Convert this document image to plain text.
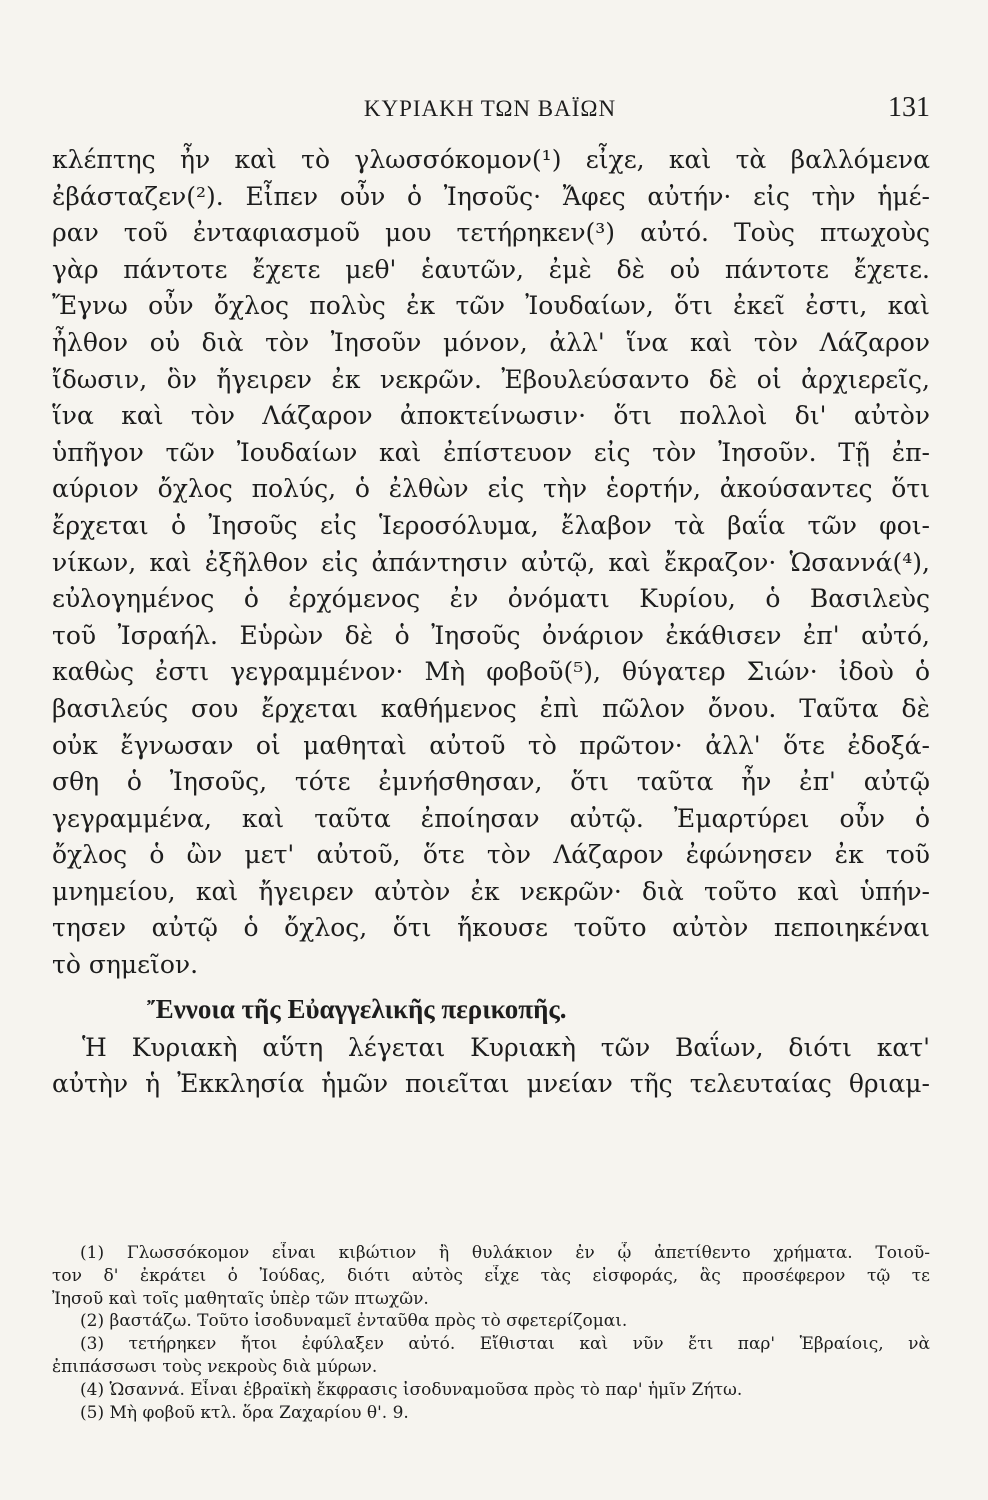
ΚΥΡΙΑΚΗ ΤΩΝ ΒΑΪΩΝ	131
κλέπτης ἦν καὶ τὸ γλωσσόκομον(¹) εἶχε, καὶ τὰ βαλλόμενα
ἐβάσταζεν(²). Εἶπεν οὖν ὁ Ἰησοῦς· Ἄφες αὐτήν· εἰς τὴν ἡμέ-
ραν τοῦ ἐνταφιασμοῦ μου τετήρηκεν(³) αὐτό. Τοὺς πτωχοὺς
γὰρ πάντοτε ἔχετε μεθ' ἑαυτῶν, ἐμὲ δὲ οὐ πάντοτε ἔχετε.
Ἔγνω οὖν ὄχλος πολὺς ἐκ τῶν Ἰουδαίων, ὅτι ἐκεῖ ἐστι, καὶ
ἦλθον οὐ διὰ τὸν Ἰησοῦν μόνον, ἀλλ' ἵνα καὶ τὸν Λάζαρον
ἴδωσιν, ὃν ἤγειρεν ἐκ νεκρῶν. Ἐβουλεύσαντο δὲ οἱ ἀρχιερεῖς,
ἵνα καὶ τὸν Λάζαρον ἀποκτείνωσιν· ὅτι πολλοὶ δι' αὐτὸν
ὑπῆγον τῶν Ἰουδαίων καὶ ἐπίστευον εἰς τὸν Ἰησοῦν. Τῇ ἐπ-
αύριον ὄχλος πολύς, ὁ ἐλθὼν εἰς τὴν ἑορτήν, ἀκούσαντες ὅτι
ἔρχεται ὁ Ἰησοῦς εἰς Ἱεροσόλυμα, ἔλαβον τὰ βαΐα τῶν φοι-
νίκων, καὶ ἐξῆλθον εἰς ἀπάντησιν αὐτῷ, καὶ ἔκραζον· Ὡσαννά(⁴),
εὐλογημένος ὁ ἐρχόμενος ἐν ὀνόματι Κυρίου, ὁ Βασιλεὺς
τοῦ Ἰσραήλ. Εὑρὼν δὲ ὁ Ἰησοῦς ὀνάριον ἐκάθισεν ἐπ' αὐτό,
καθὼς ἐστι γεγραμμένον· Μὴ φοβοῦ(⁵), θύγατερ Σιών· ἰδοὺ ὁ
βασιλεύς σου ἔρχεται καθήμενος ἐπὶ πῶλον ὄνου. Ταῦτα δὲ
οὐκ ἔγνωσαν οἱ μαθηταὶ αὐτοῦ τὸ πρῶτον· ἀλλ' ὅτε ἐδοξά-
σθη ὁ Ἰησοῦς, τότε ἐμνήσθησαν, ὅτι ταῦτα ἦν ἐπ' αὐτῷ
γεγραμμένα, καὶ ταῦτα ἐποίησαν αὐτῷ. Ἐμαρτύρει οὖν ὁ
ὄχλος ὁ ὢν μετ' αὐτοῦ, ὅτε τὸν Λάζαρον ἐφώνησεν ἐκ τοῦ
μνημείου, καὶ ἤγειρεν αὐτὸν ἐκ νεκρῶν· διὰ τοῦτο καὶ ὑπήν-
τησεν αὐτῷ ὁ ὄχλος, ὅτι ἤκουσε τοῦτο αὐτὸν πεποιηκέναι
τὸ σημεῖον.
Ἔννοια τῆς Εὐαγγελικῆς περικοπῆς.
Ἡ Κυριακὴ αὕτη λέγεται Κυριακὴ τῶν Βαΐων, διότι κατ'
αὐτὴν ἡ Ἐκκλησία ἡμῶν ποιεῖται μνείαν τῆς τελευταίας θριαμ-
(1) Γλωσσόκομον εἶναι κιβώτιον ἢ θυλάκιον ἐν ᾧ ἀπετίθεντο χρήματα. Τοιοῦ-
τον δ' ἐκράτει ὁ Ἰούδας, διότι αὐτὸς εἶχε τὰς εἰσφοράς, ἃς προσέφερον τῷ τε
Ἰησοῦ καὶ τοῖς μαθηταῖς ὑπὲρ τῶν πτωχῶν.
(2) βαστάζω. Τοῦτο ἰσοδυναμεῖ ἐνταῦθα πρὸς τὸ σφετερίζομαι.
(3) τετήρηκεν ἤτοι ἐφύλαξεν αὐτό. Εἴθισται καὶ νῦν ἔτι παρ' Ἑβραίοις, νὰ
ἐπιπάσσωσι τοὺς νεκροὺς διὰ μύρων.
(4) Ὡσαννά. Εἶναι ἑβραϊκὴ ἔκφρασις ἰσοδυναμοῦσα πρὸς τὸ παρ' ἡμῖν Ζήτω.
(5) Μὴ φοβοῦ κτλ. ὅρα Ζαχαρίου θ'. 9.
